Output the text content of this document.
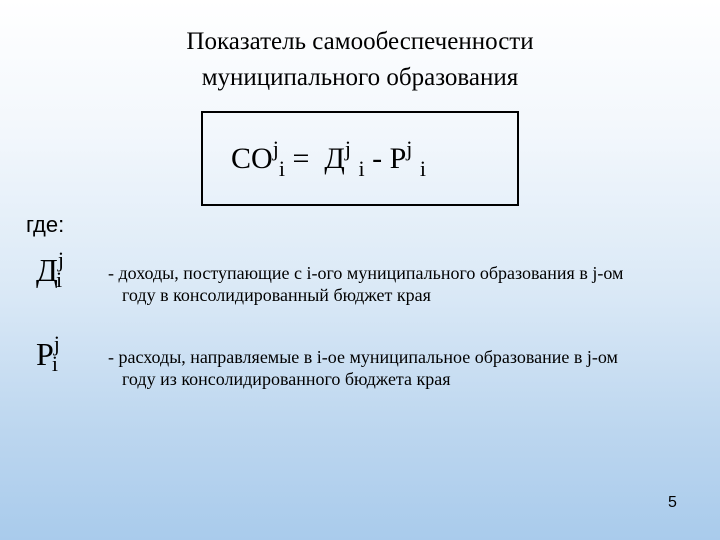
Показатель самообеспеченности
муниципального образования
$СО^j_i = Д^j$ $_i - Р^j$ $_i$
где:
$Д^ji$	- доходы, поступающие с i-ого муниципального образования в j-ом
году в консолидированный бюджет края
$Р^ji$	- расходы, направляемые в i-ое муниципальное образование в j-ом
году из консолидированного бюджета края
5
